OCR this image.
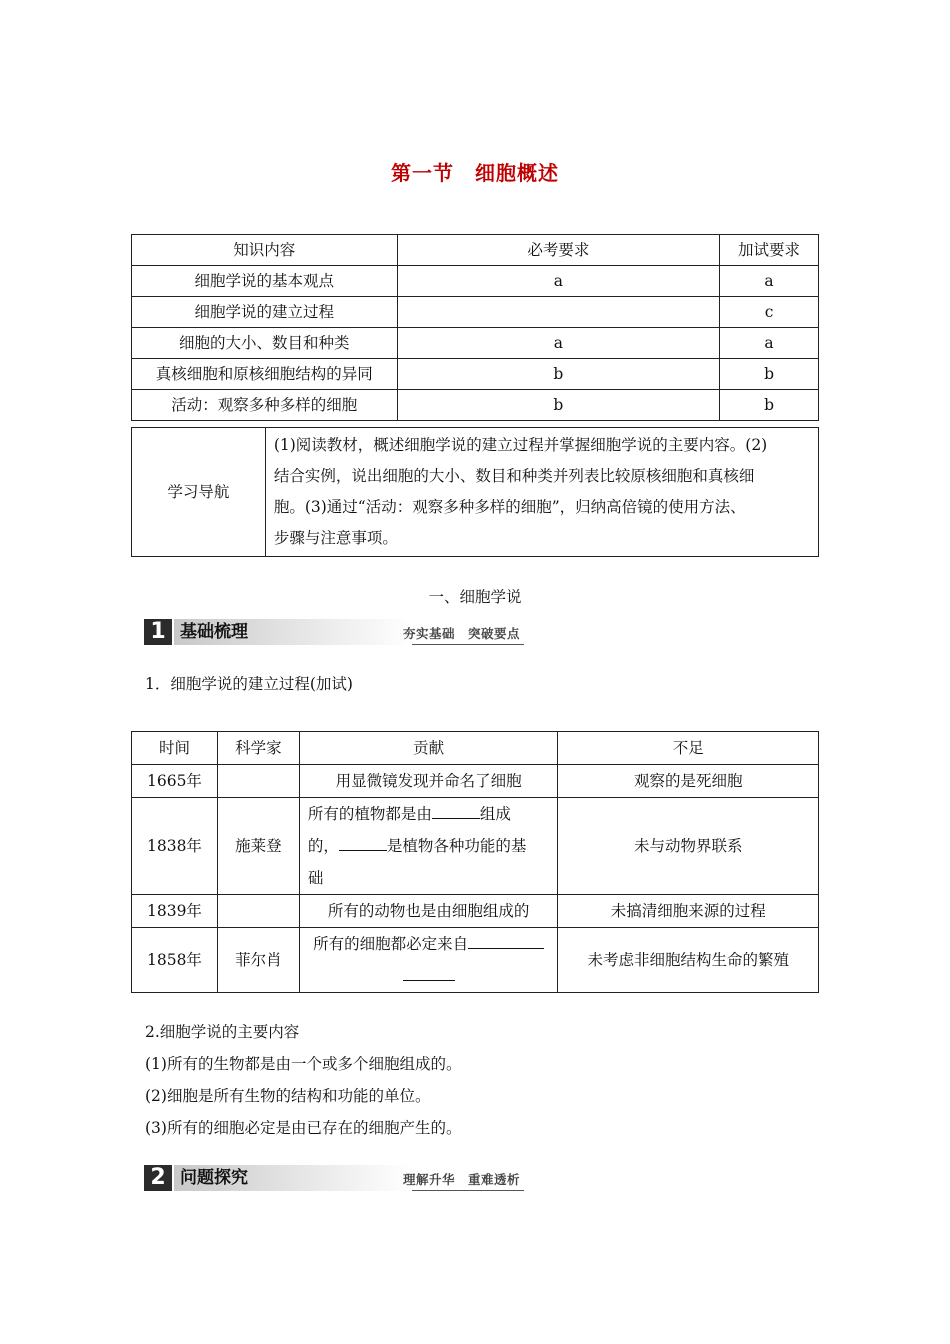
第一节　细胞概述
知识内容	必考要求	加试要求
细胞学说的基本观点	a	a
细胞学说的建立过程		c
细胞的大小、数目和种类	a	a
真核细胞和原核细胞结构的异同	b	b
活动：观察多种多样的细胞	b	b
学习导航	
(1)阅读教材，概述细胞学说的建立过程并掌握细胞学说的主要内容。(2)
结合实例，说出细胞的大小、数目和种类并列表比较原核细胞和真核细
胞。(3)通过“活动：观察多种多样的细胞”，归纳高倍镜的使用方法、
步骤与注意事项。
一、细胞学说
1 基础梳理	夯实基础　突破要点
1．细胞学说的建立过程(加试)
时间	科学家	贡献	不足
1665年		用显微镜发现并命名了细胞	观察的是死细胞
1838年	施莱登	所有的植物都是由 组成
的， 是植物各种功能的基
础	未与动物界联系
1839年		所有的动物也是由细胞组成的	未搞清细胞来源的过程
1858年	菲尔肖	所有的细胞都必定来自	未考虑非细胞结构生命的繁殖
2.细胞学说的主要内容
(1)所有的生物都是由一个或多个细胞组成的。
(2)细胞是所有生物的结构和功能的单位。
(3)所有的细胞必定是由已存在的细胞产生的。
2 问题探究	理解升华　重难透析
